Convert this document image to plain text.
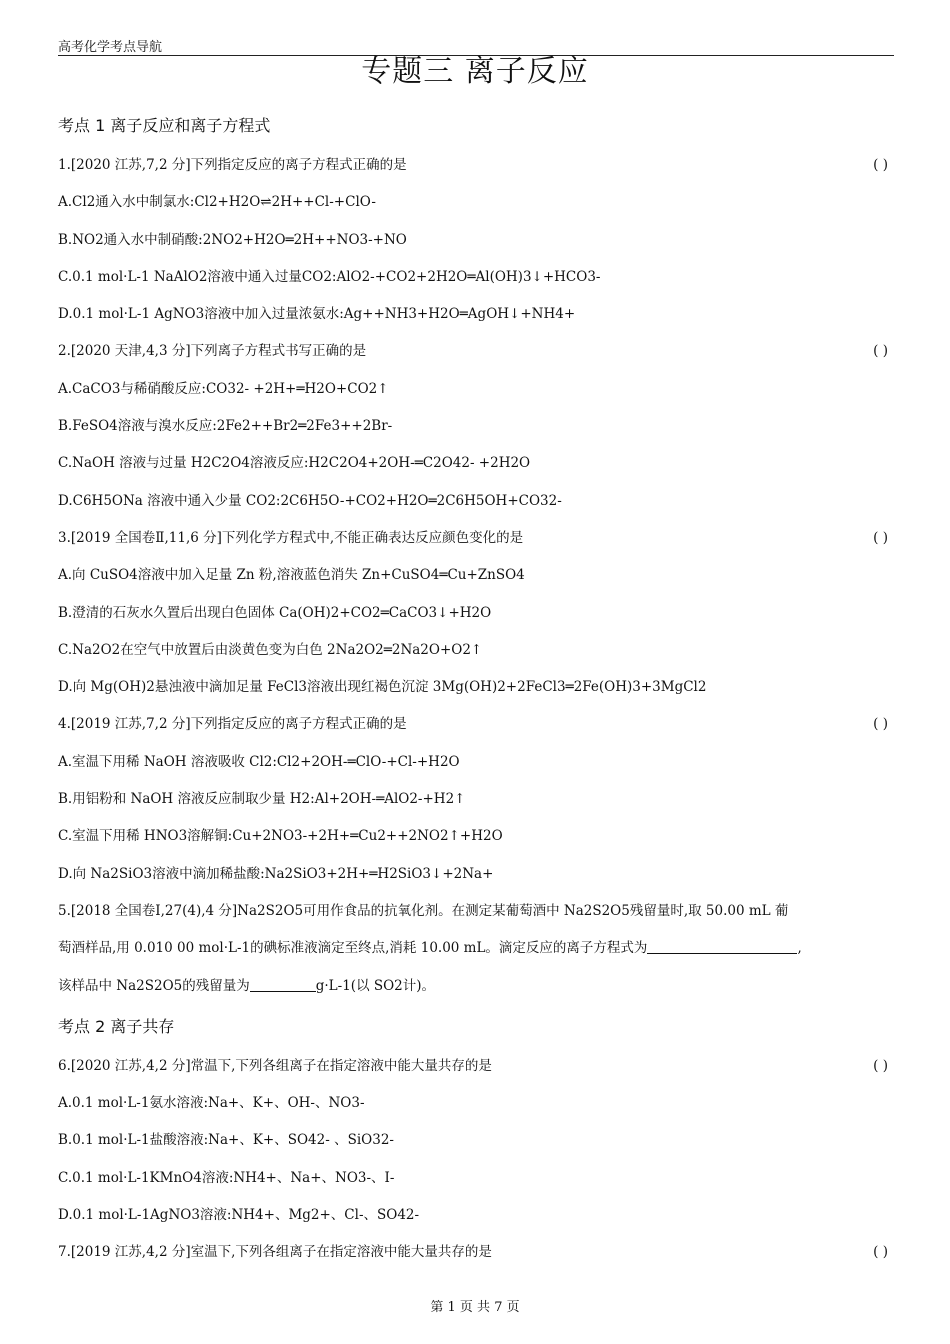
高考化学考点导航
专题三 离子反应
考点 1 离子反应和离子方程式
1.[2020 江苏,7,2 分]下列指定反应的离子方程式正确的是	( )
A.Cl2通入水中制氯水:Cl2+H2O⇌2H++Cl-+ClO-
B.NO2通入水中制硝酸:2NO2+H2O═2H++NO3-+NO
C.0.1 mol·L-1 NaAlO2溶液中通入过量CO2:AlO2-+CO2+2H2O═Al(OH)3↓+HCO3-
D.0.1 mol·L-1 AgNO3溶液中加入过量浓氨水:Ag++NH3+H2O═AgOH↓+NH4+
2.[2020 天津,4,3 分]下列离子方程式书写正确的是	( )
A.CaCO3与稀硝酸反应:CO32- +2H+═H2O+CO2↑
B.FeSO4溶液与溴水反应:2Fe2++Br2═2Fe3++2Br-
C.NaOH 溶液与过量 H2C2O4溶液反应:H2C2O4+2OH-═C2O42- +2H2O
D.C6H5ONa 溶液中通入少量 CO2:2C6H5O-+CO2+H2O═2C6H5OH+CO32-
3.[2019 全国卷Ⅱ,11,6 分]下列化学方程式中,不能正确表达反应颜色变化的是	( )
A.向 CuSO4溶液中加入足量 Zn 粉,溶液蓝色消失 Zn+CuSO4═Cu+ZnSO4
B.澄清的石灰水久置后出现白色固体 Ca(OH)2+CO2═CaCO3↓+H2O
C.Na2O2在空气中放置后由淡黄色变为白色 2Na2O2═2Na2O+O2↑
D.向 Mg(OH)2悬浊液中滴加足量 FeCl3溶液出现红褐色沉淀 3Mg(OH)2+2FeCl3═2Fe(OH)3+3MgCl2
4.[2019 江苏,7,2 分]下列指定反应的离子方程式正确的是	( )
A.室温下用稀 NaOH 溶液吸收 Cl2:Cl2+2OH-═ClO-+Cl-+H2O
B.用铝粉和 NaOH 溶液反应制取少量 H2:Al+2OH-═AlO2-+H2↑
C.室温下用稀 HNO3溶解铜:Cu+2NO3-+2H+═Cu2++2NO2↑+H2O
D.向 Na2SiO3溶液中滴加稀盐酸:Na2SiO3+2H+═H2SiO3↓+2Na+
5.[2018 全国卷Ⅰ,27(4),4 分]Na2S2O5可用作食品的抗氧化剂。在测定某葡萄酒中 Na2S2O5残留量时,取 50.00 mL 葡
萄酒样品,用 0.010 00 mol·L-1的碘标准液滴定至终点,消耗 10.00 mL。滴定反应的离子方程式为	,
该样品中 Na2S2O5的残留量为	g·L-1(以 SO2计)。
考点 2 离子共存
6.[2020 江苏,4,2 分]常温下,下列各组离子在指定溶液中能大量共存的是	( )
A.0.1 mol·L-1氨水溶液:Na+、K+、OH-、NO3-
B.0.1 mol·L-1盐酸溶液:Na+、K+、SO42- 、SiO32-
C.0.1 mol·L-1KMnO4溶液:NH4+、Na+、NO3-、I-
D.0.1 mol·L-1AgNO3溶液:NH4+、Mg2+、Cl-、SO42-
7.[2019 江苏,4,2 分]室温下,下列各组离子在指定溶液中能大量共存的是	( )
第 1 页 共 7 页
